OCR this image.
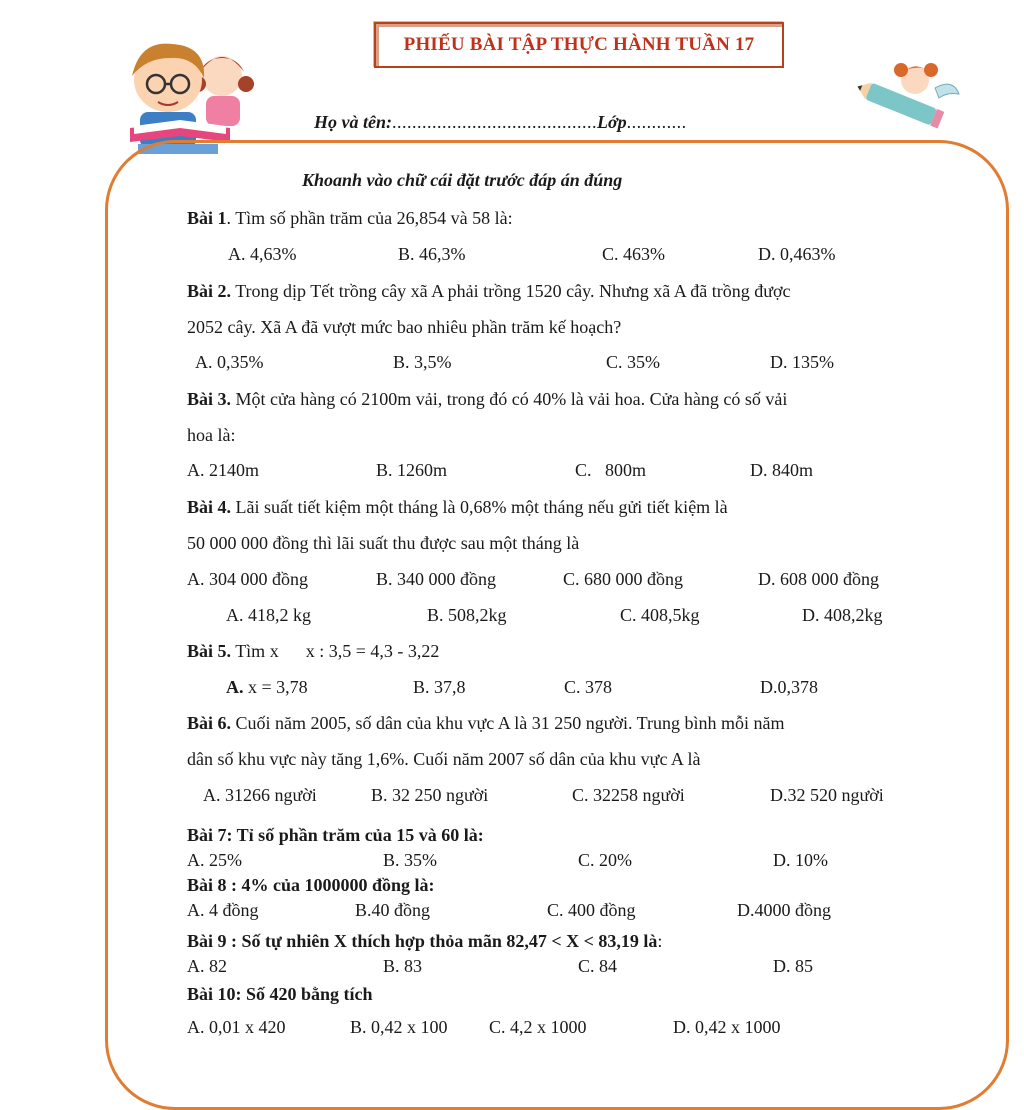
PHIẾU BÀI TẬP THỰC HÀNH TUẦN 17
Họ và tên:.........................................Lớp............
Khoanh vào chữ cái đặt trước đáp án đúng
Bài 1. Tìm số phần trăm của 26,854 và 58 là:
A. 4,63%	B. 46,3%	C. 463%	D. 0,463%
Bài 2. Trong dịp Tết trồng cây xã A phải trồng 1520 cây. Nhưng xã A đã trồng được
2052 cây. Xã A đã vượt mức bao nhiêu phần trăm kế hoạch?
A. 0,35%	B. 3,5%	C. 35%	D. 135%
Bài 3. Một cửa hàng có 2100m vải, trong đó có 40% là vải hoa. Cửa hàng có số vải
hoa là:
A. 2140m	B. 1260m	C.   800m	D. 840m
Bài 4. Lãi suất tiết kiệm một tháng là 0,68% một tháng nếu gửi tiết kiệm là
50 000 000 đồng thì lãi suất thu được sau một tháng là
A. 304 000 đồng	B. 340 000 đồng	C. 680 000 đồng	D. 608 000 đồng
A. 418,2 kg	B. 508,2kg	C. 408,5kg	D. 408,2kg
Bài 5. Tìm x      x : 3,5 = 4,3 - 3,22
A. x = 3,78	B. 37,8	C. 378	D.0,378
Bài 6. Cuối năm 2005, số dân của khu vực A là 31 250 người. Trung bình mỗi năm
dân số khu vực này tăng 1,6%. Cuối năm 2007 số dân của khu vực A là
A. 31266 người	B. 32 250 người	C. 32258 người	D.32 520 người
Bài 7: Tỉ số phần trăm của 15 và 60 là:
A. 25%	B. 35%	C. 20%	D. 10%
Bài 8 : 4% của 1000000 đồng là:
A. 4 đồng	B.40 đồng	C. 400 đồng	D.4000 đồng
Bài 9 : Số tự nhiên X thích hợp thỏa mãn 82,47 < X < 83,19 là:
A. 82	B. 83	C. 84	D. 85
Bài 10: Số 420 bằng tích
A. 0,01 x 420	B. 0,42 x 100 C. 4,2 x 1000	D. 0,42 x 1000
